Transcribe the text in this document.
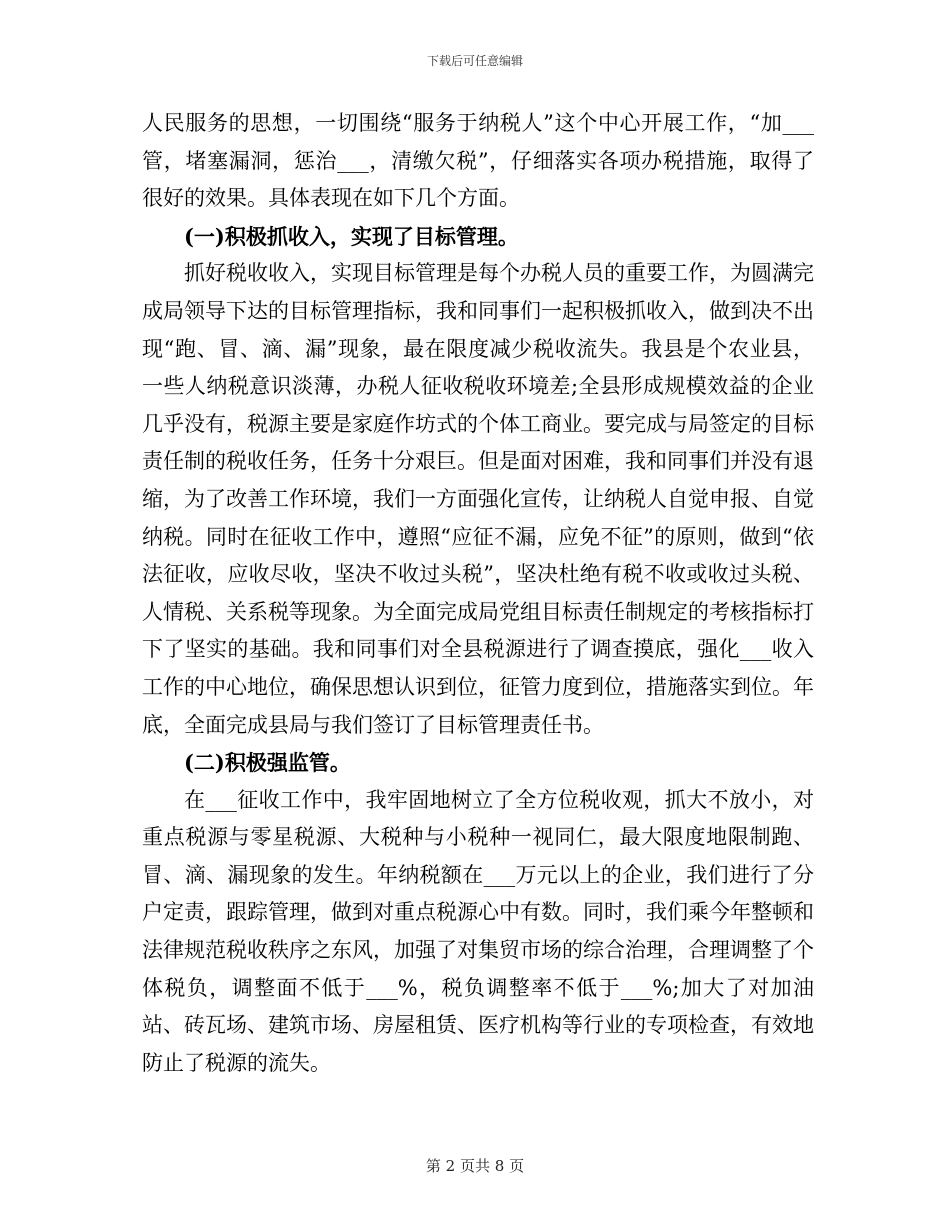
下载后可任意编辑

人民服务的思想，一切围绕“服务于纳税人”这个中心开展工作，“加___管，堵塞漏洞，惩治___，清缴欠税”，仔细落实各项办税措施，取得了很好的效果。具体表现在如下几个方面。

(一)积极抓收入，实现了目标管理。

抓好税收收入，实现目标管理是每个办税人员的重要工作，为圆满完成局领导下达的目标管理指标，我和同事们一起积极抓收入，做到决不出现“跑、冒、滴、漏”现象，最在限度减少税收流失。我县是个农业县，一些人纳税意识淡薄，办税人征收税收环境差;全县形成规模效益的企业几乎没有，税源主要是家庭作坊式的个体工商业。要完成与局签定的目标责任制的税收任务，任务十分艰巨。但是面对困难，我和同事们并没有退缩，为了改善工作环境，我们一方面强化宣传，让纳税人自觉申报、自觉纳税。同时在征收工作中，遵照“应征不漏，应免不征”的原则，做到“依法征收，应收尽收，坚决不收过头税”，坚决杜绝有税不收或收过头税、人情税、关系税等现象。为全面完成局党组目标责任制规定的考核指标打下了坚实的基础。我和同事们对全县税源进行了调查摸底，强化___收入工作的中心地位，确保思想认识到位，征管力度到位，措施落实到位。年底，全面完成县局与我们签订了目标管理责任书。

(二)积极强监管。

在___征收工作中，我牢固地树立了全方位税收观，抓大不放小，对重点税源与零星税源、大税种与小税种一视同仁，最大限度地限制跑、冒、滴、漏现象的发生。年纳税额在___万元以上的企业，我们进行了分户定责，跟踪管理，做到对重点税源心中有数。同时，我们乘今年整顿和法律规范税收秩序之东风，加强了对集贸市场的综合治理，合理调整了个体税负，调整面不低于___%，税负调整率不低于___%;加大了对加油站、砖瓦场、建筑市场、房屋租赁、医疗机构等行业的专项检查，有效地防止了税源的流失。

第 2 页共 8 页
